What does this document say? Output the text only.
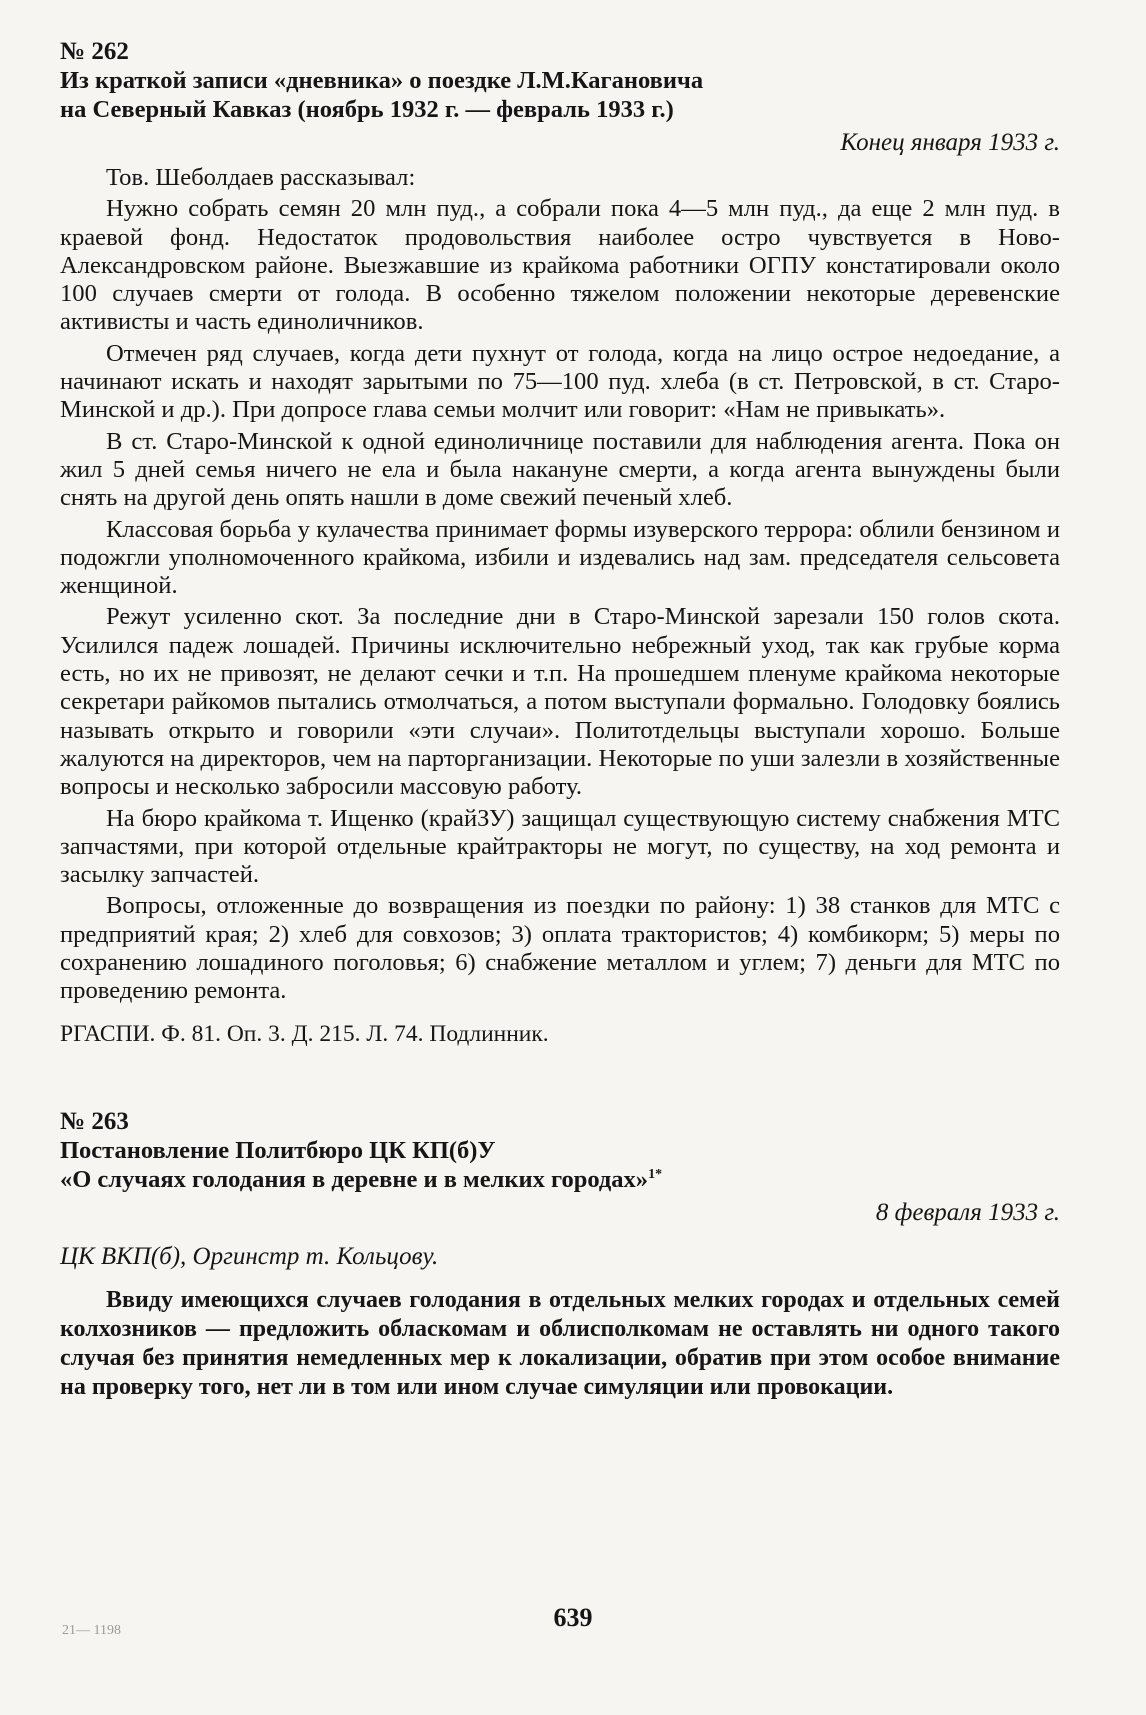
№ 262

Из краткой записи «дневника» о поездке Л.М.Кагановича

на Северный Кавказ (ноябрь 1932 г. — февраль 1933 г.)

Конец января 1933 г.

Тов. Шеболдаев рассказывал:

Нужно собрать семян 20 млн пуд., а собрали пока 4—5 млн пуд., да еще 2 млн пуд. в краевой фонд. Недостаток продовольствия наиболее остро чувствуется в Ново-Александровском районе. Выезжавшие из крайкома работники ОГПУ констатировали около 100 случаев смерти от голода. В особенно тяжелом положении некоторые деревенские активисты и часть единоличников.

Отмечен ряд случаев, когда дети пухнут от голода, когда на лицо острое недоедание, а начинают искать и находят зарытыми по 75—100 пуд. хлеба (в ст. Петровской, в ст. Старо-Минской и др.). При допросе глава семьи молчит или говорит: «Нам не привыкать».

В ст. Старо-Минской к одной единоличнице поставили для наблюдения агента. Пока он жил 5 дней семья ничего не ела и была накануне смерти, а когда агента вынуждены были снять на другой день опять нашли в доме свежий печеный хлеб.

Классовая борьба у кулачества принимает формы изуверского террора: облили бензином и подожгли уполномоченного крайкома, избили и издевались над зам. председателя сельсовета женщиной.

Режут усиленно скот. За последние дни в Старо-Минской зарезали 150 голов скота. Усилился падеж лошадей. Причины исключительно небрежный уход, так как грубые корма есть, но их не привозят, не делают сечки и т.п. На прошедшем пленуме крайкома некоторые секретари райкомов пытались отмолчаться, а потом выступали формально. Голодовку боялись называть открыто и говорили «эти случаи». Политотдельцы выступали хорошо. Больше жалуются на директоров, чем на парторганизации. Некоторые по уши залезли в хозяйственные вопросы и несколько забросили массовую работу.

На бюро крайкома т. Ищенко (крайЗУ) защищал существующую систему снабжения МТС запчастями, при которой отдельные крайтракторы не могут, по существу, на ход ремонта и засылку запчастей.

Вопросы, отложенные до возвращения из поездки по району: 1) 38 станков для МТС с предприятий края; 2) хлеб для совхозов; 3) оплата трактористов; 4) комбикорм; 5) меры по сохранению лошадиного поголовья; 6) снабжение металлом и углем; 7) деньги для МТС по проведению ремонта.

РГАСПИ. Ф. 81. Оп. 3. Д. 215. Л. 74. Подлинник.

№ 263

Постановление Политбюро ЦК КП(б)У

«О случаях голодания в деревне и в мелких городах»$^{1*}$

8 февраля 1933 г.

ЦК ВКП(б), Оргинстр т. Кольцову.

Ввиду имеющихся случаев голодания в отдельных мелких городах и отдельных семей колхозников — предложить обласкомам и облисполкомам не оставлять ни одного такого случая без принятия немедленных мер к локализации, обратив при этом особое внимание на проверку того, нет ли в том или ином случае симуляции или провокации.

21— 1198	639
